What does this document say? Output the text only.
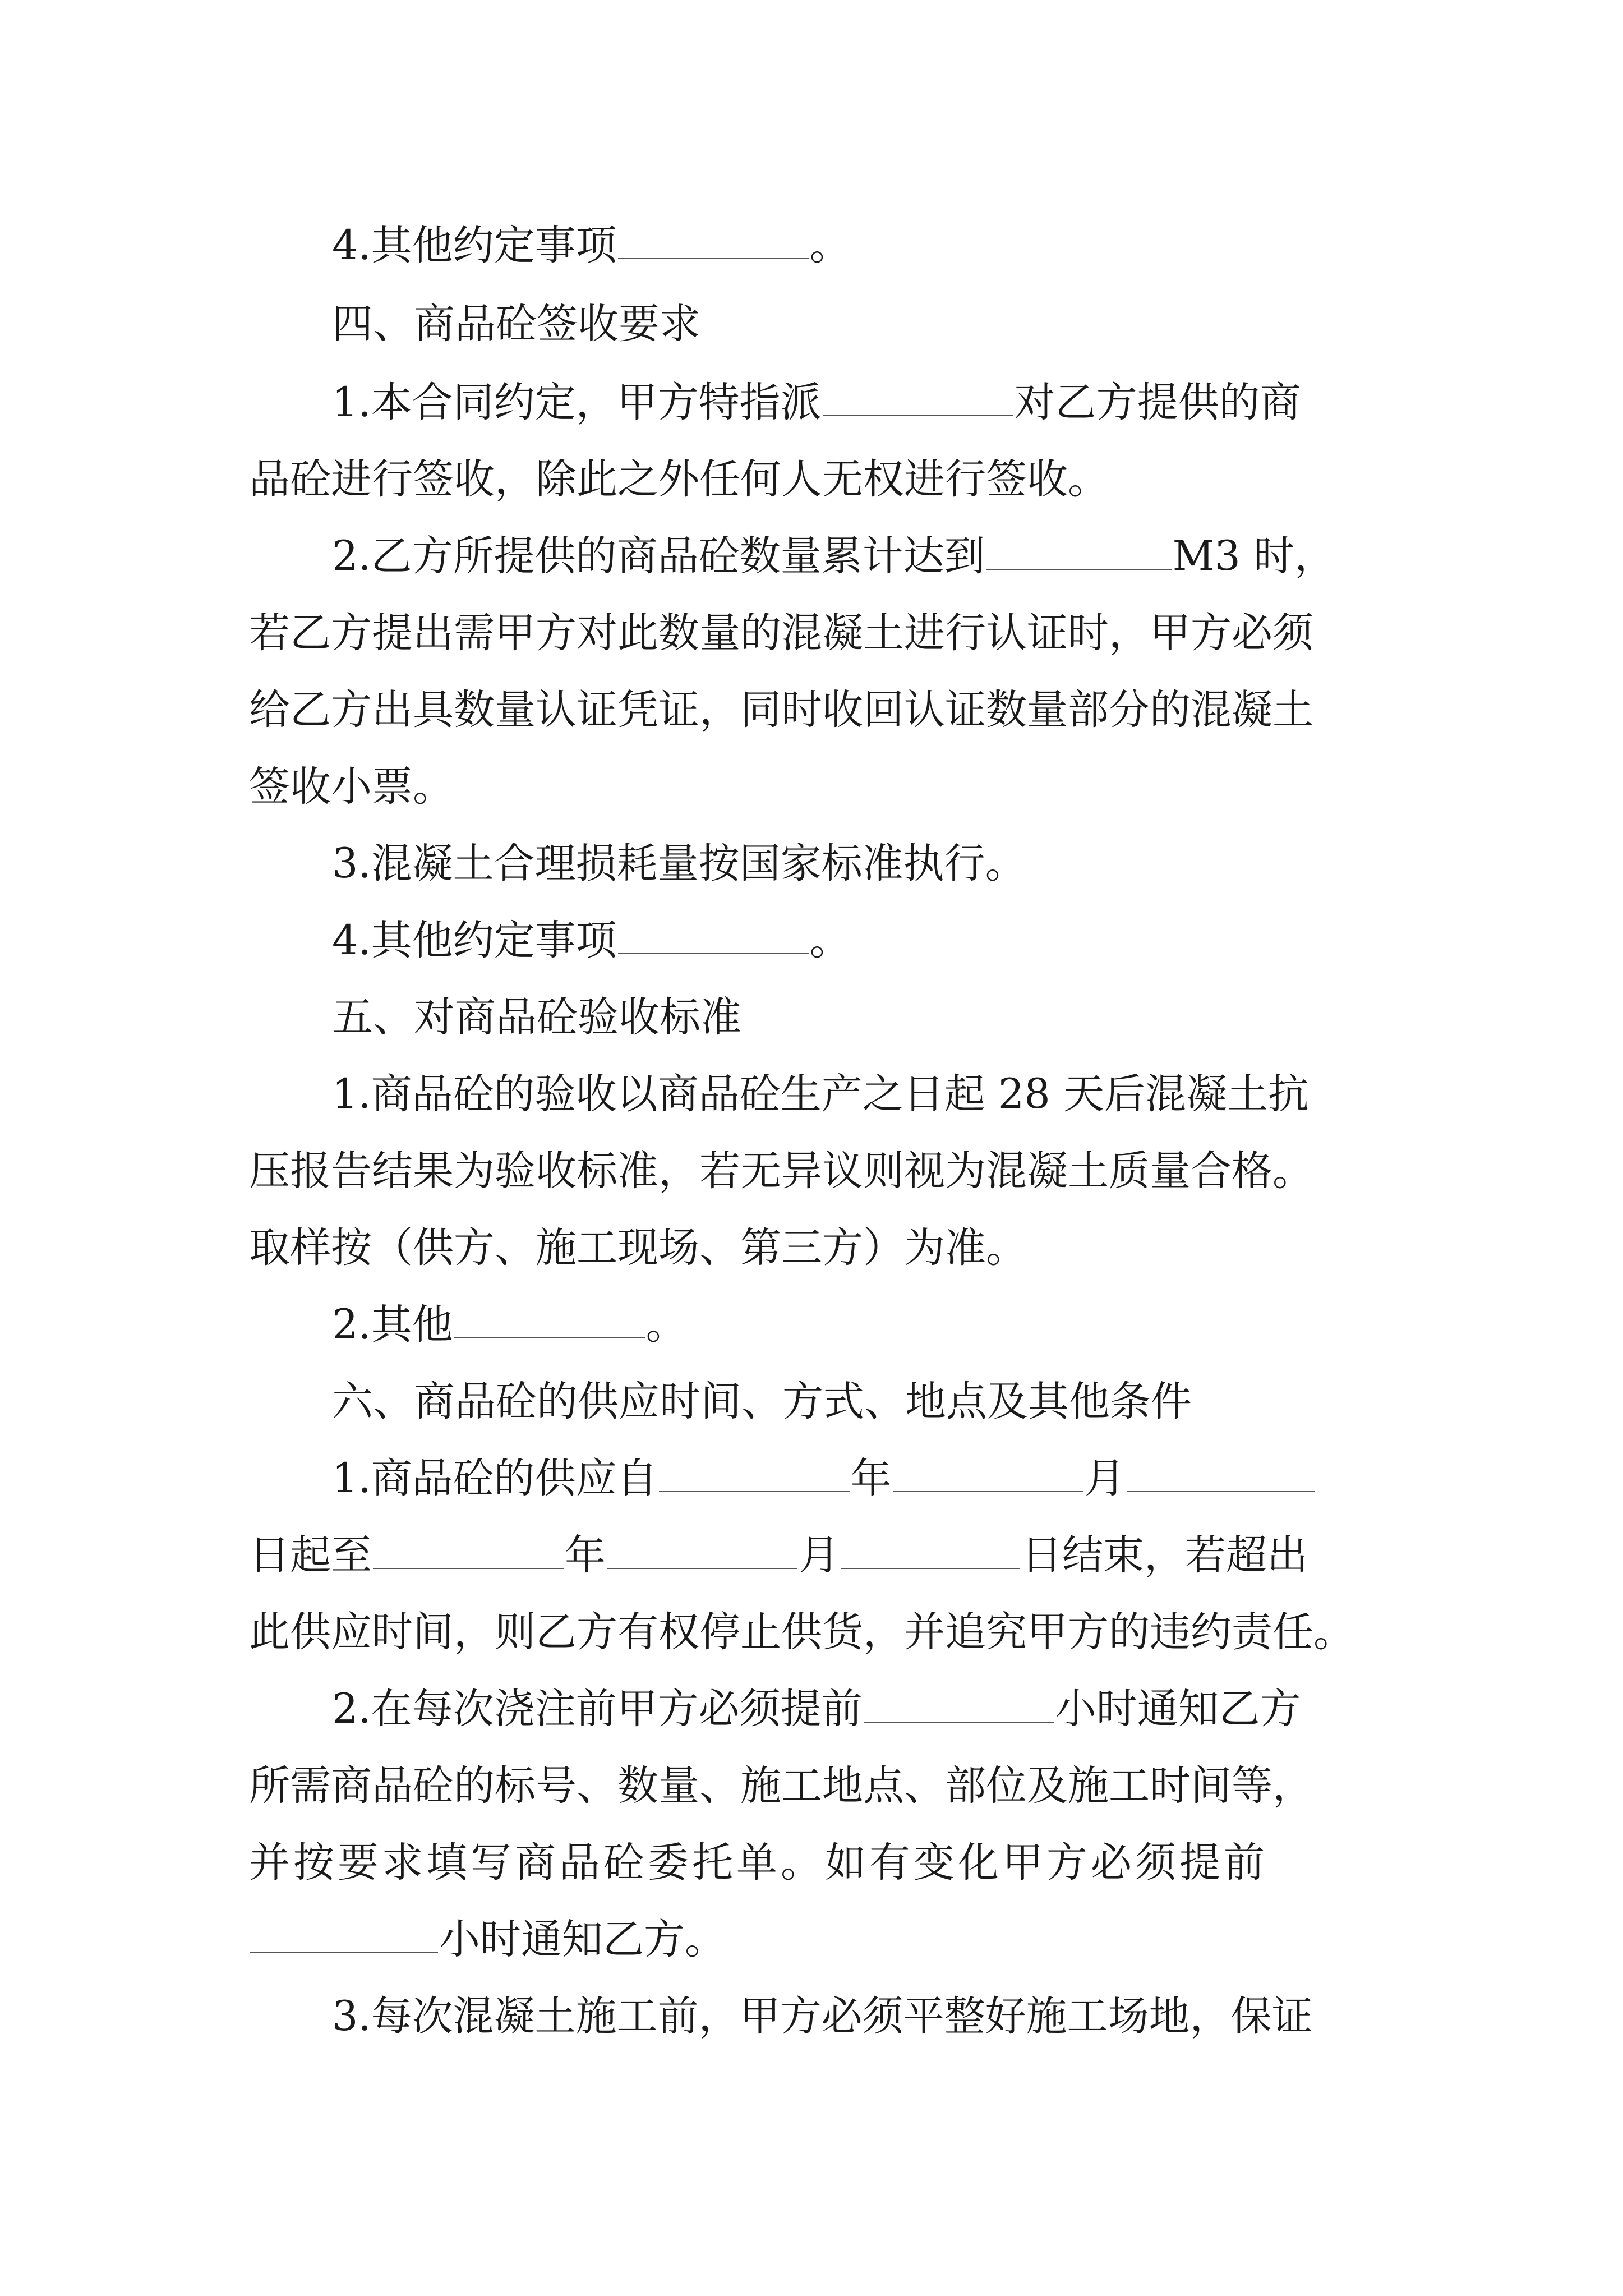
4.其他约定事项	。
四、商品砼签收要求
1.本合同约定，甲方特指派	对乙方提供的商
品砼进行签收，除此之外任何人无权进行签收。
2.乙方所提供的商品砼数量累计达到	M3 时，
若乙方提出需甲方对此数量的混凝土进行认证时，甲方必须
给乙方出具数量认证凭证，同时收回认证数量部分的混凝土
签收小票。
3.混凝土合理损耗量按国家标准执行。
4.其他约定事项	。
五、对商品砼验收标准
1.商品砼的验收以商品砼生产之日起 28 天后混凝土抗
压报告结果为验收标准，若无异议则视为混凝土质量合格。
取样按（供方、施工现场、第三方）为准。
2.其他	。
六、商品砼的供应时间、方式、地点及其他条件
1.商品砼的供应自	年	月
日起至	年	月	日结束，若超出
此供应时间，则乙方有权停止供货，并追究甲方的违约责任。
2.在每次浇注前甲方必须提前	小时通知乙方
所需商品砼的标号、数量、施工地点、部位及施工时间等，
并按要求填写商品砼委托单。如有变化甲方必须提前
小时通知乙方。
3.每次混凝土施工前，甲方必须平整好施工场地，保证
